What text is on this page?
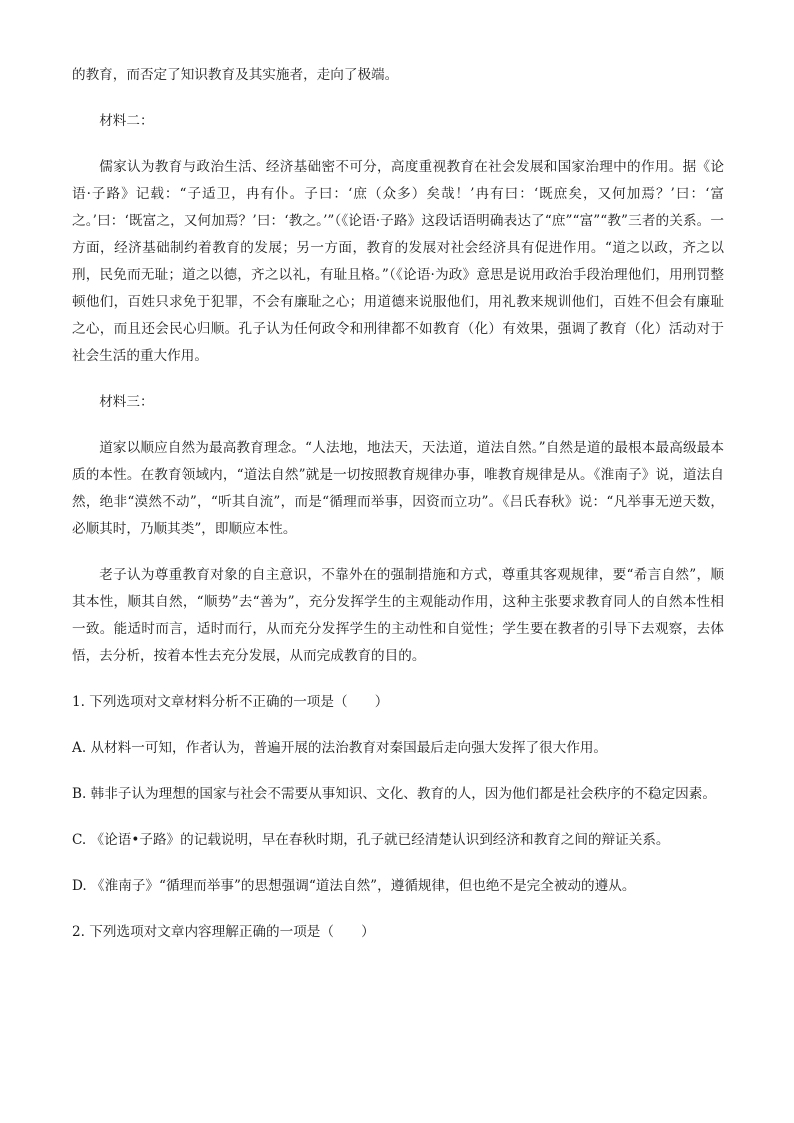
的教育，而否定了知识教育及其实施者，走向了极端。

材料二：

儒家认为教育与政治生活、经济基础密不可分，高度重视教育在社会发展和国家治理中的作用。据《论语·子路》记载：“子适卫，冉有仆。子曰：‘庶（众多）矣哉！’冉有曰：‘既庶矣，又何加焉？’曰：‘富之。’曰：‘既富之，又何加焉？’曰：‘教之。’”（《论语·子路》这段话语明确表达了“庶”“富”“教”三者的关系。一方面，经济基础制约着教育的发展；另一方面，教育的发展对社会经济具有促进作用。“道之以政，齐之以刑，民免而无耻；道之以德，齐之以礼，有耻且格。”（《论语·为政》意思是说用政治手段治理他们，用刑罚整顿他们，百姓只求免于犯罪，不会有廉耻之心；用道德来说服他们，用礼教来规训他们，百姓不但会有廉耻之心，而且还会民心归顺。孔子认为任何政令和刑律都不如教育（化）有效果，强调了教育（化）活动对于社会生活的重大作用。

材料三：

道家以顺应自然为最高教育理念。“人法地，地法天，天法道，道法自然。”自然是道的最根本最高级最本质的本性。在教育领域内，“道法自然”就是一切按照教育规律办事，唯教育规律是从。《淮南子》说，道法自然，绝非“漠然不动”，“听其自流”，而是“循理而举事，因资而立功”。《吕氏春秋》说：“凡举事无逆天数，必顺其时，乃顺其类”，即顺应本性。

老子认为尊重教育对象的自主意识，不靠外在的强制措施和方式，尊重其客观规律，要“希言自然”，顺其本性，顺其自然，“顺势”去“善为”，充分发挥学生的主观能动作用，这种主张要求教育同人的自然本性相一致。能适时而言，适时而行，从而充分发挥学生的主动性和自觉性；学生要在教者的引导下去观察，去体悟，去分析，按着本性去充分发展，从而完成教育的目的。

1. 下列选项对文章材料分析不正确的一项是（　　）

A. 从材料一可知，作者认为，普遍开展的法治教育对秦国最后走向强大发挥了很大作用。

B. 韩非子认为理想的国家与社会不需要从事知识、文化、教育的人，因为他们都是社会秩序的不稳定因素。

C. 《论语•子路》的记载说明，早在春秋时期，孔子就已经清楚认识到经济和教育之间的辩证关系。

D. 《淮南子》“循理而举事”的思想强调“道法自然”，遵循规律，但也绝不是完全被动的遵从。

2. 下列选项对文章内容理解正确的一项是（　　）
